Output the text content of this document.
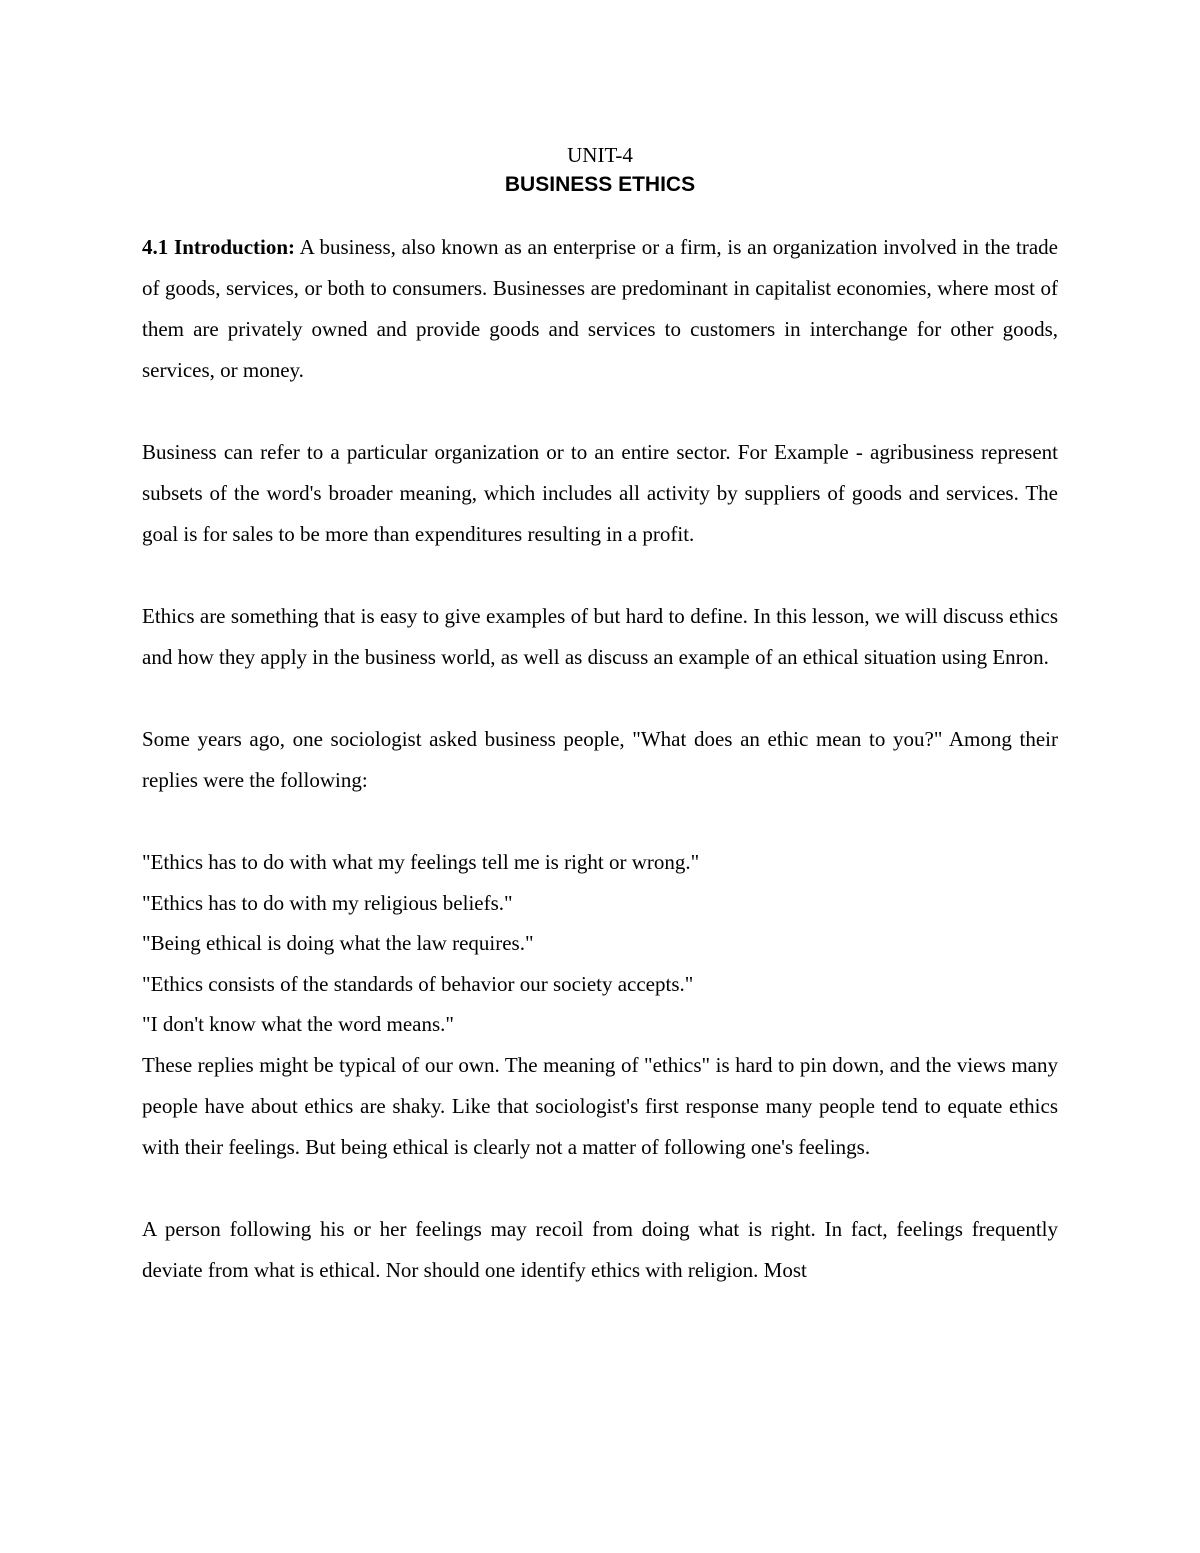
UNIT-4
BUSINESS ETHICS

4.1 Introduction: A business, also known as an enterprise or a firm, is an organization involved in the trade of goods, services, or both to consumers. Businesses are predominant in capitalist economies, where most of them are privately owned and provide goods and services to customers in interchange for other goods, services, or money.

Business can refer to a particular organization or to an entire sector. For Example - agribusiness represent subsets of the word's broader meaning, which includes all activity by suppliers of goods and services. The goal is for sales to be more than expenditures resulting in a profit.

Ethics are something that is easy to give examples of but hard to define. In this lesson, we will discuss ethics and how they apply in the business world, as well as discuss an example of an ethical situation using Enron.

Some years ago, one sociologist asked business people, "What does an ethic mean to you?" Among their replies were the following:

"Ethics has to do with what my feelings tell me is right or wrong."

"Ethics has to do with my religious beliefs."

"Being ethical is doing what the law requires."

"Ethics consists of the standards of behavior our society accepts."

"I don't know what the word means."

These replies might be typical of our own. The meaning of "ethics" is hard to pin down, and the views many people have about ethics are shaky. Like that sociologist's first response many people tend to equate ethics with their feelings. But being ethical is clearly not a matter of following one's feelings.

A person following his or her feelings may recoil from doing what is right. In fact, feelings frequently deviate from what is ethical. Nor should one identify ethics with religion. Most
